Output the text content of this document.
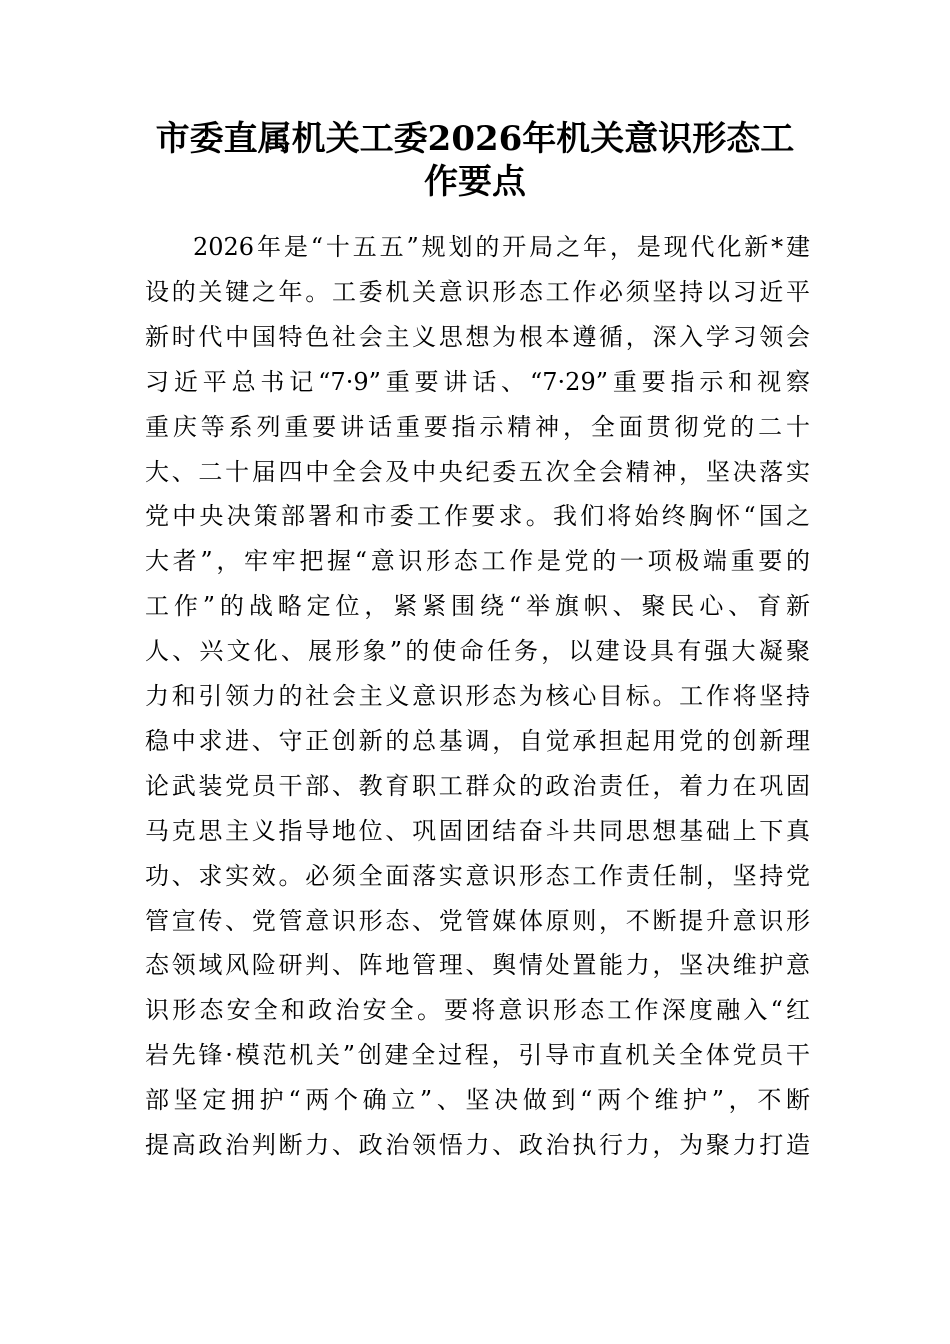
市委直属机关工委2026年机关意识形态工
作要点
2026年是“十五五”规划的开局之年，是现代化新*建
设的关键之年。工委机关意识形态工作必须坚持以习近平
新时代中国特色社会主义思想为根本遵循，深入学习领会
习近平总书记“7·9”重要讲话、“7·29”重要指示和视察
重庆等系列重要讲话重要指示精神，全面贯彻党的二十
大、二十届四中全会及中央纪委五次全会精神，坚决落实
党中央决策部署和市委工作要求。我们将始终胸怀“国之
大者”，牢牢把握“意识形态工作是党的一项极端重要的
工作”的战略定位，紧紧围绕“举旗帜、聚民心、育新
人、兴文化、展形象”的使命任务，以建设具有强大凝聚
力和引领力的社会主义意识形态为核心目标。工作将坚持
稳中求进、守正创新的总基调，自觉承担起用党的创新理
论武装党员干部、教育职工群众的政治责任，着力在巩固
马克思主义指导地位、巩固团结奋斗共同思想基础上下真
功、求实效。必须全面落实意识形态工作责任制，坚持党
管宣传、党管意识形态、党管媒体原则，不断提升意识形
态领域风险研判、阵地管理、舆情处置能力，坚决维护意
识形态安全和政治安全。要将意识形态工作深度融入“红
岩先锋·模范机关”创建全过程，引导市直机关全体党员干
部坚定拥护“两个确立”、坚决做到“两个维护”，不断
提高政治判断力、政治领悟力、政治执行力，为聚力打造
